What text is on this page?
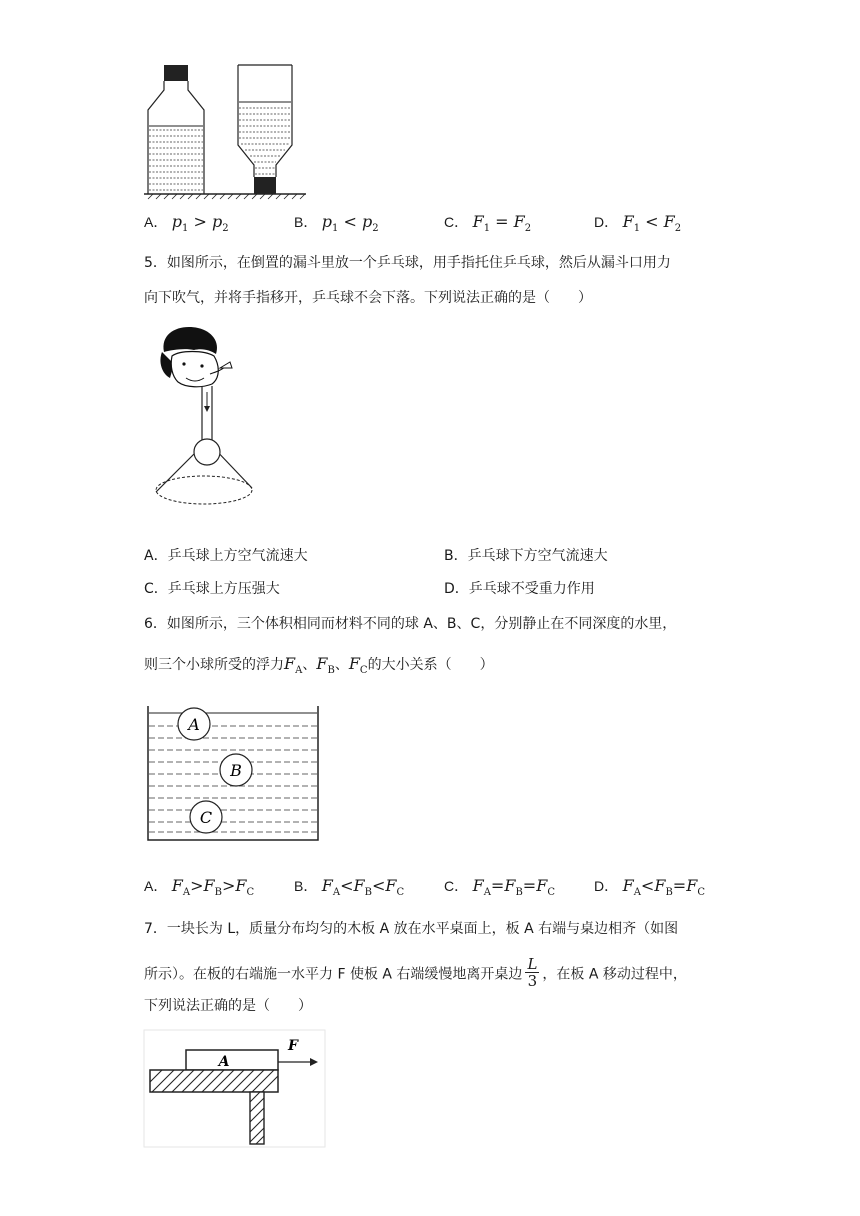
A． $p_1 > p_2$	B． $p_1 < p_2$	C． $F_1 = F_2$	D． $F_1 < F_2$
5．如图所示，在倒置的漏斗里放一个乒乓球，用手指托住乒乓球，然后从漏斗口用力
向下吹气，并将手指移开，乒乓球不会下落。下列说法正确的是（　　）
A．乒乓球上方空气流速大	B．乒乓球下方空气流速大
C．乒乓球上方压强大	D．乒乓球不受重力作用
6．如图所示，三个体积相同而材料不同的球 A、B、C，分别静止在不同深度的水里，
则三个小球所受的浮力$F_A$、$F_B$、$F_C$的大小关系（　　）
A
B
C
A． $F_A>F_B>F_C$	B． $F_A<F_B<F_C$	C． $F_A=F_B=F_C$	D． $F_A<F_B=F_C$
7．一块长为 L，质量分布均匀的木板 A 放在水平桌面上，板 A 右端与桌边相齐（如图
所示）。在板的右端施一水平力 F 使板 A 右端缓慢地离开桌边 $\frac{L}{3}$ ，在板 A 移动过程中，
下列说法正确的是（　　）
A
F
